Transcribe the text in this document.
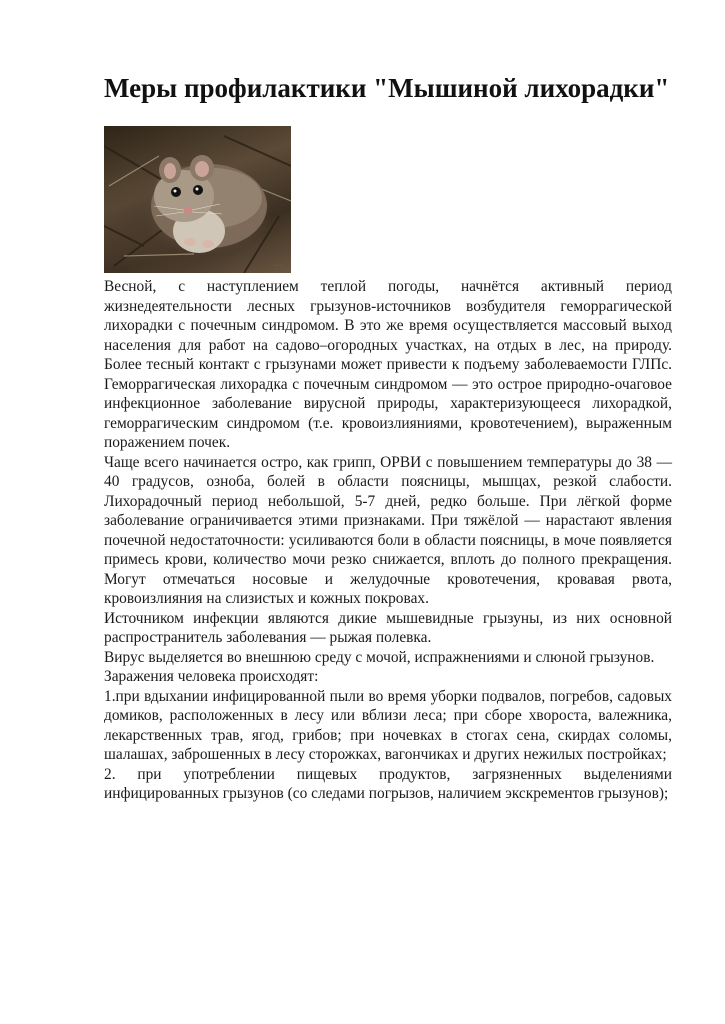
Меры профилактики "Мышиной лихорадки"
...

Весной, с наступлением теплой погоды, начнётся активный период жизнедеятельности лесных грызунов-источников возбудителя геморрагической лихорадки с почечным синдромом. В это же время осуществляется массовый выход населения для работ на садово–огородных участках, на отдых в лес, на природу. Более тесный контакт с грызунами может привести к подъему заболеваемости ГЛПс. Геморрагическая лихорадка с почечным синдромом — это острое природно-очаговое инфекционное заболевание вирусной природы, характеризующееся лихорадкой, геморрагическим синдромом (т.е. кровоизлияниями, кровотечением), выраженным поражением почек.

Чаще всего начинается остро, как грипп, ОРВИ с повышением температуры до 38 — 40 градусов, озноба, болей в области поясницы, мышцах, резкой слабости. Лихорадочный период небольшой, 5-7 дней, редко больше. При лёгкой форме заболевание ограничивается этими признаками. При тяжёлой — нарастают явления почечной недостаточности: усиливаются боли в области поясницы, в моче появляется примесь крови, количество мочи резко снижается, вплоть до полного прекращения. Могут отмечаться носовые и желудочные кровотечения, кровавая рвота, кровоизлияния на слизистых и кожных покровах.

Источником инфекции являются дикие мышевидные грызуны, из них основной распространитель заболевания — рыжая полевка.

Вирус выделяется во внешнюю среду с мочой, испражнениями и слюной грызунов.

Заражения человека происходят:

1.при вдыхании инфицированной пыли во время уборки подвалов, погребов, садовых домиков, расположенных в лесу или вблизи леса; при сборе хвороста, валежника, лекарственных трав, ягод, грибов; при ночевках в стогах сена, скирдах соломы, шалашах, заброшенных в лесу сторожках, вагончиках и других нежилых постройках;

2. при употреблении пищевых продуктов, загрязненных выделениями инфицированных грызунов (со следами погрызов, наличием экскрементов грызунов);
